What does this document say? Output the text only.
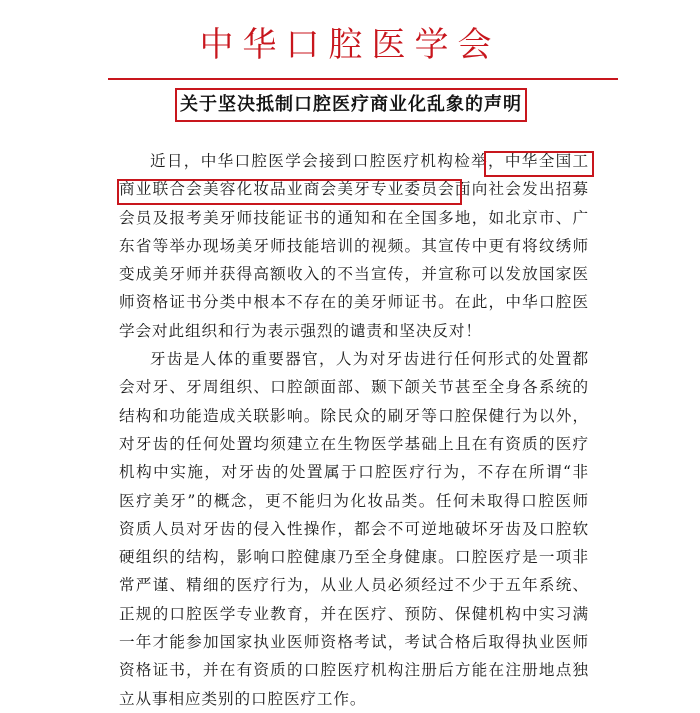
中华口腔医学会
关于坚决抵制口腔医疗商业化乱象的声明

近日，中华口腔医学会接到口腔医疗机构检举，中华全国工商业联合会美容化妆品业商会美牙专业委员会面向社会发出招募会员及报考美牙师技能证书的通知和在全国多地，如北京市、广东省等举办现场美牙师技能培训的视频。其宣传中更有将纹绣师变成美牙师并获得高额收入的不当宣传，并宣称可以发放国家医师资格证书分类中根本不存在的美牙师证书。在此，中华口腔医学会对此组织和行为表示强烈的谴责和坚决反对！

牙齿是人体的重要器官，人为对牙齿进行任何形式的处置都会对牙、牙周组织、口腔颌面部、颞下颌关节甚至全身各系统的结构和功能造成关联影响。除民众的刷牙等口腔保健行为以外，对牙齿的任何处置均须建立在生物医学基础上且在有资质的医疗机构中实施，对牙齿的处置属于口腔医疗行为，不存在所谓“非医疗美牙”的概念，更不能归为化妆品类。任何未取得口腔医师资质人员对牙齿的侵入性操作，都会不可逆地破坏牙齿及口腔软硬组织的结构，影响口腔健康乃至全身健康。口腔医疗是一项非常严谨、精细的医疗行为，从业人员必须经过不少于五年系统、正规的口腔医学专业教育，并在医疗、预防、保健机构中实习满一年才能参加国家执业医师资格考试，考试合格后取得执业医师资格证书，并在有资质的口腔医疗机构注册后方能在注册地点独立从事相应类别的口腔医疗工作。
